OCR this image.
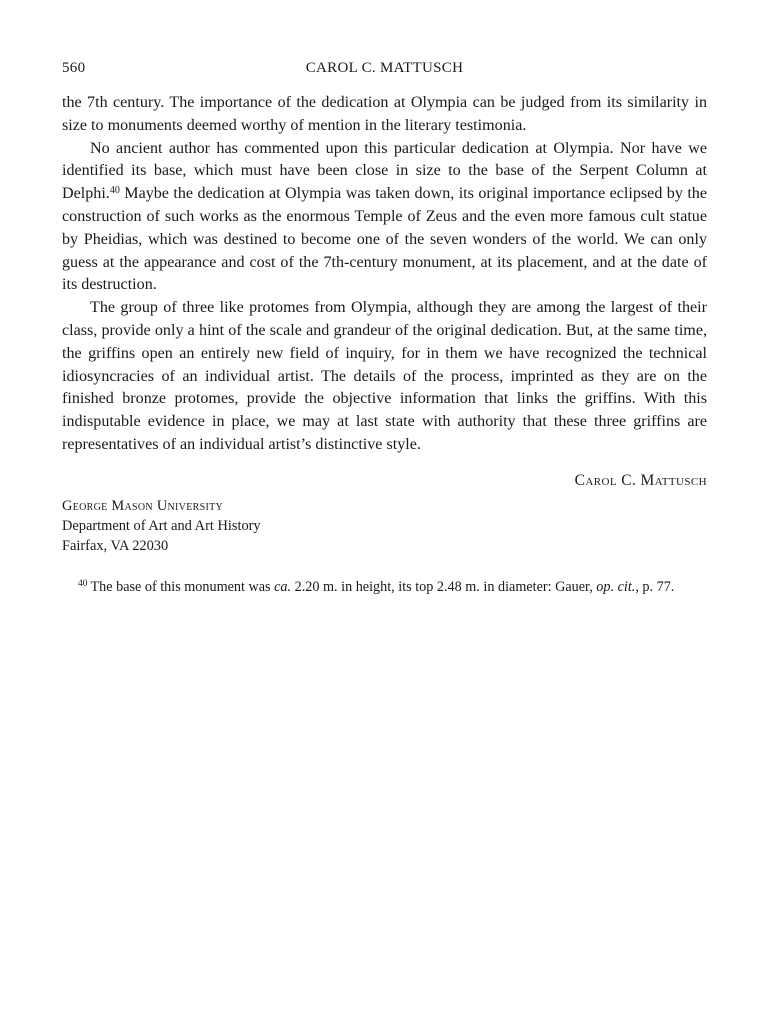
560	CAROL C. MATTUSCH

the 7th century. The importance of the dedication at Olympia can be judged from its similarity in size to monuments deemed worthy of mention in the literary testimonia.

No ancient author has commented upon this particular dedication at Olympia. Nor have we identified its base, which must have been close in size to the base of the Serpent Column at Delphi.$^{40}$ Maybe the dedication at Olympia was taken down, its original importance eclipsed by the construction of such works as the enormous Temple of Zeus and the even more famous cult statue by Pheidias, which was destined to become one of the seven wonders of the world. We can only guess at the appearance and cost of the 7th-century monument, at its placement, and at the date of its destruction.

The group of three like protomes from Olympia, although they are among the largest of their class, provide only a hint of the scale and grandeur of the original dedication. But, at the same time, the griffins open an entirely new field of inquiry, for in them we have recognized the technical idiosyncracies of an individual artist. The details of the process, imprinted as they are on the finished bronze protomes, provide the objective information that links the griffins. With this indisputable evidence in place, we may at last state with authority that these three griffins are representatives of an individual artist’s distinctive style.

Carol C. Mattusch
George Mason University
Department of Art and Art History
Fairfax, VA 22030
$^{40}$ The base of this monument was ca. 2.20 m. in height, its top 2.48 m. in diameter: Gauer, op. cit., p. 77.
